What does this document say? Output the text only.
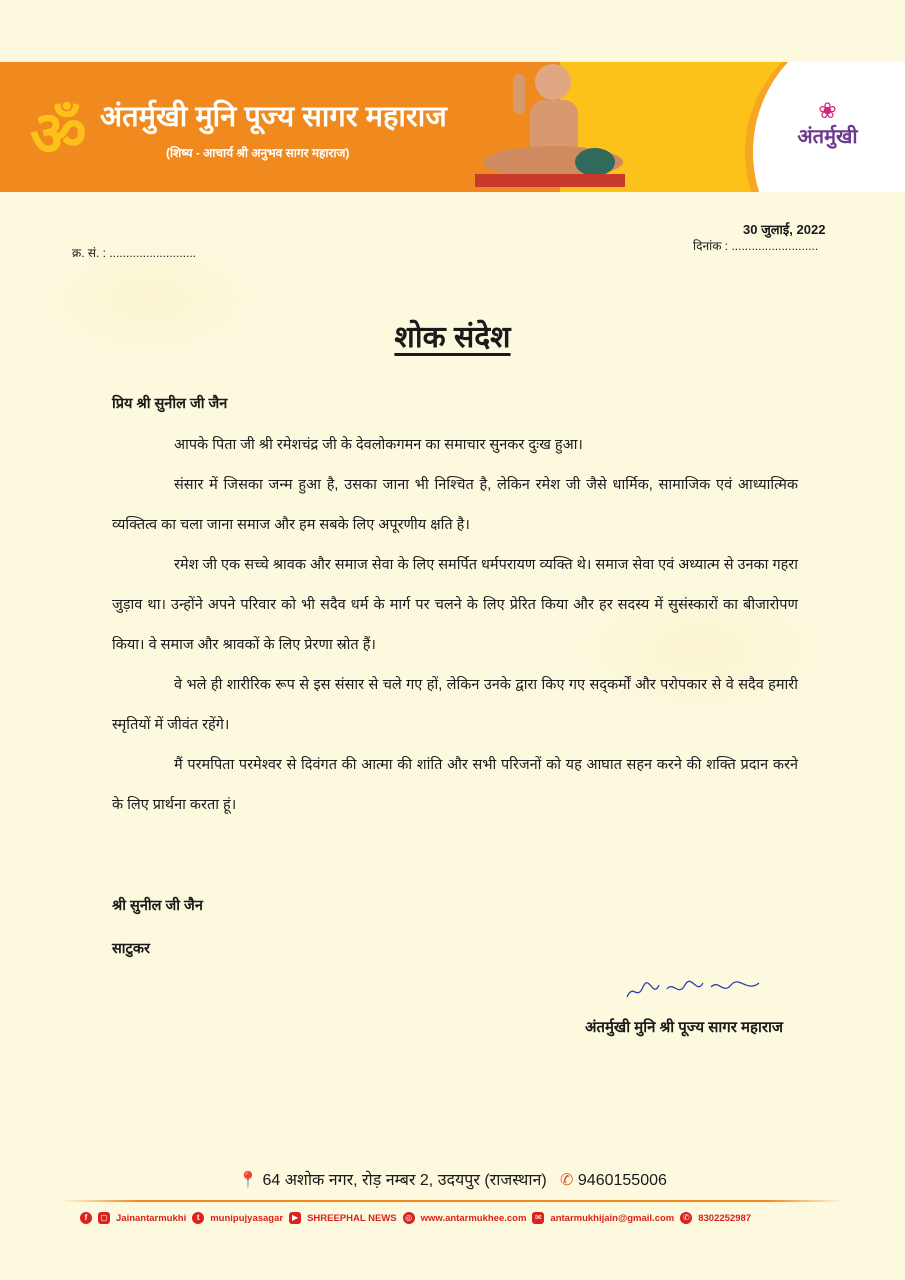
ॐ अंतर्मुखी मुनि पूज्य सागर महाराज
(शिष्य - आचार्य श्री अनुभव सागर महाराज)
❀
अंतर्मुखी
क्र. सं. : ..........................
30 जुलाई, 2022
दिनांक : ..........................
शोक संदेश
प्रिय श्री सुनील जी जैन

आपके पिता जी श्री रमेशचंद्र जी के देवलोकगमन का समाचार सुनकर दुःख हुआ।

संसार में जिसका जन्म हुआ है, उसका जाना भी निश्चित है, लेकिन रमेश जी जैसे धार्मिक, सामाजिक एवं आध्यात्मिक व्यक्तित्व का चला जाना समाज और हम सबके लिए अपूरणीय क्षति है।

रमेश जी एक सच्चे श्रावक और समाज सेवा के लिए समर्पित धर्मपरायण व्यक्ति थे। समाज सेवा एवं अध्यात्म से उनका गहरा जुड़ाव था। उन्होंने अपने परिवार को भी सदैव धर्म के मार्ग पर चलने के लिए प्रेरित किया और हर सदस्य में सुसंस्कारों का बीजारोपण किया। वे समाज और श्रावकों के लिए प्रेरणा स्रोत हैं।

वे भले ही शारीरिक रूप से इस संसार से चले गए हों, लेकिन उनके द्वारा किए गए सद्कर्मों और परोपकार से वे सदैव हमारी स्मृतियों में जीवंत रहेंगे।

मैं परमपिता परमेश्वर से दिवंगत की आत्मा की शांति और सभी परिजनों को यह आघात सहन करने की शक्ति प्रदान करने के लिए प्रार्थना करता हूं।

श्री सुनील जी जैन
साटुकर
अंतर्मुखी मुनि श्री पूज्य सागर महाराज
📍 64 अशोक नगर, रोड़ नम्बर 2, उदयपुर (राजस्थान) ✆ 9460155006
f	◻ Jainantarmukhi	t	munipujyasagar	▶ SHREEPHAL NEWS	◎ www.antarmukhee.com	✉ antarmukhijain@gmail.com	✆ 8302252987
